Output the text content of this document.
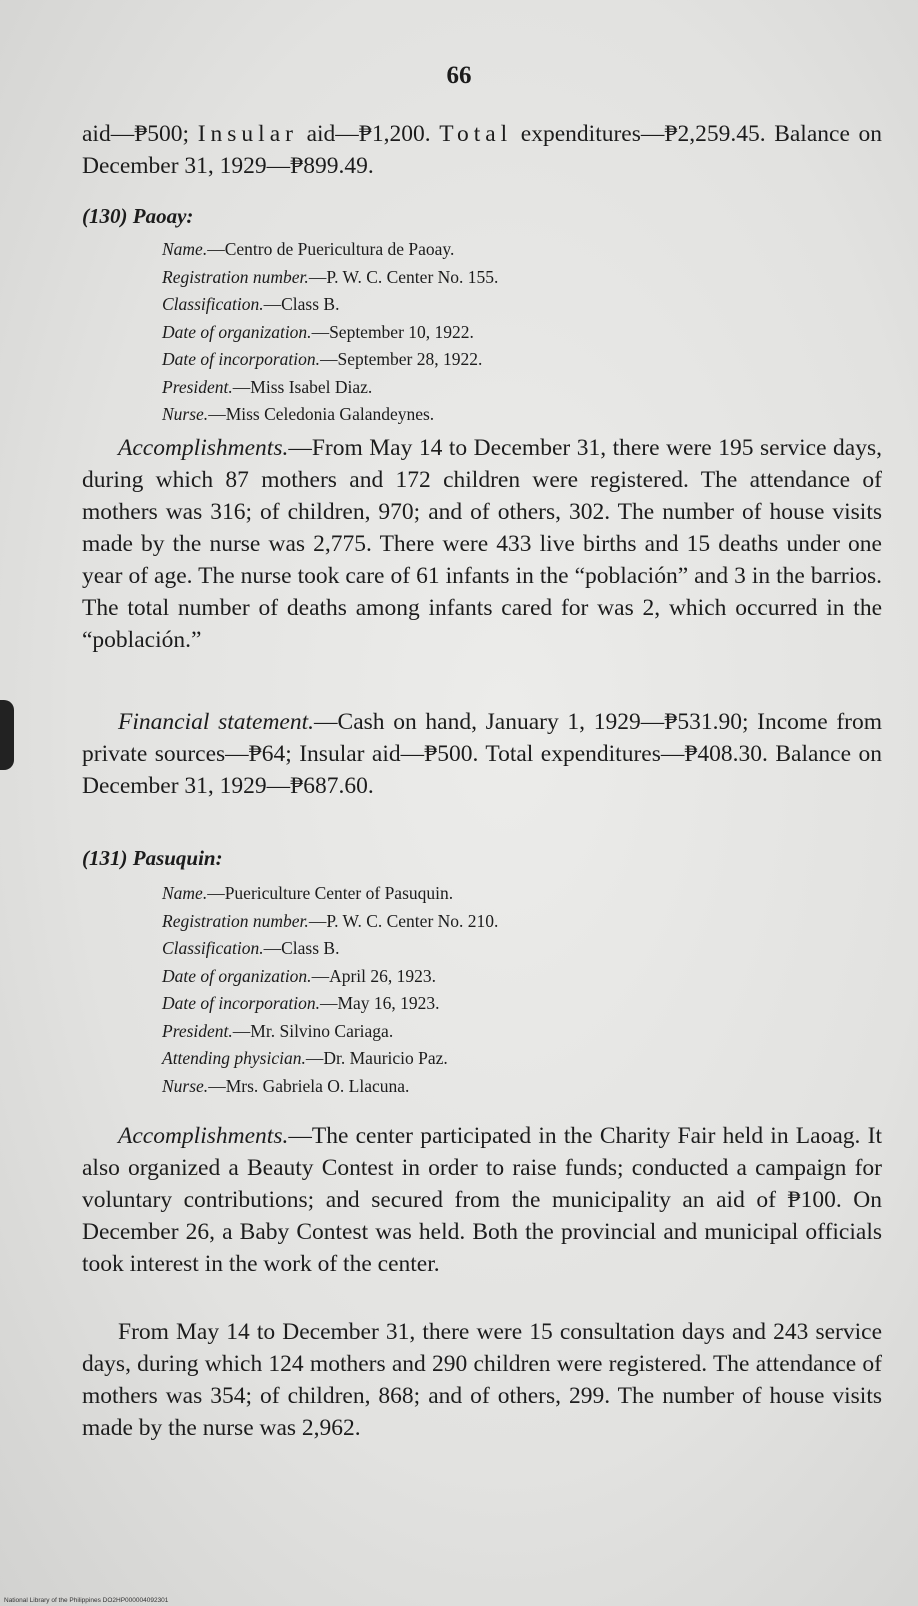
66

aid—₱500; Insular aid—₱1,200. Total expenditures—₱2,259.45. Balance on December 31, 1929—₱899.49.

(130) Paoay:
Name.—Centro de Puericultura de Paoay.
Registration number.—P. W. C. Center No. 155.
Classification.—Class B.
Date of organization.—September 10, 1922.
Date of incorporation.—September 28, 1922.
President.—Miss Isabel Diaz.
Nurse.—Miss Celedonia Galandeynes.

Accomplishments.—From May 14 to December 31, there were 195 service days, during which 87 mothers and 172 children were registered. The attendance of mothers was 316; of children, 970; and of others, 302. The number of house visits made by the nurse was 2,775. There were 433 live births and 15 deaths under one year of age. The nurse took care of 61 infants in the “población” and 3 in the barrios. The total number of deaths among infants cared for was 2, which occurred in the “población.”

Financial statement.—Cash on hand, January 1, 1929—₱531.90; Income from private sources—₱64; Insular aid—₱500. Total expenditures—₱408.30. Balance on December 31, 1929—₱687.60.

(131) Pasuquin:
Name.—Puericulture Center of Pasuquin.
Registration number.—P. W. C. Center No. 210.
Classification.—Class B.
Date of organization.—April 26, 1923.
Date of incorporation.—May 16, 1923.
President.—Mr. Silvino Cariaga.
Attending physician.—Dr. Mauricio Paz.
Nurse.—Mrs. Gabriela O. Llacuna.

Accomplishments.—The center participated in the Charity Fair held in Laoag. It also organized a Beauty Contest in order to raise funds; conducted a campaign for voluntary contributions; and secured from the municipality an aid of ₱100. On December 26, a Baby Contest was held. Both the provincial and municipal officials took interest in the work of the center.

From May 14 to December 31, there were 15 consultation days and 243 service days, during which 124 mothers and 290 children were registered. The attendance of mothers was 354; of children, 868; and of others, 299. The number of house visits made by the nurse was 2,962.

National Library of the Philippines DO2HP000004092301
